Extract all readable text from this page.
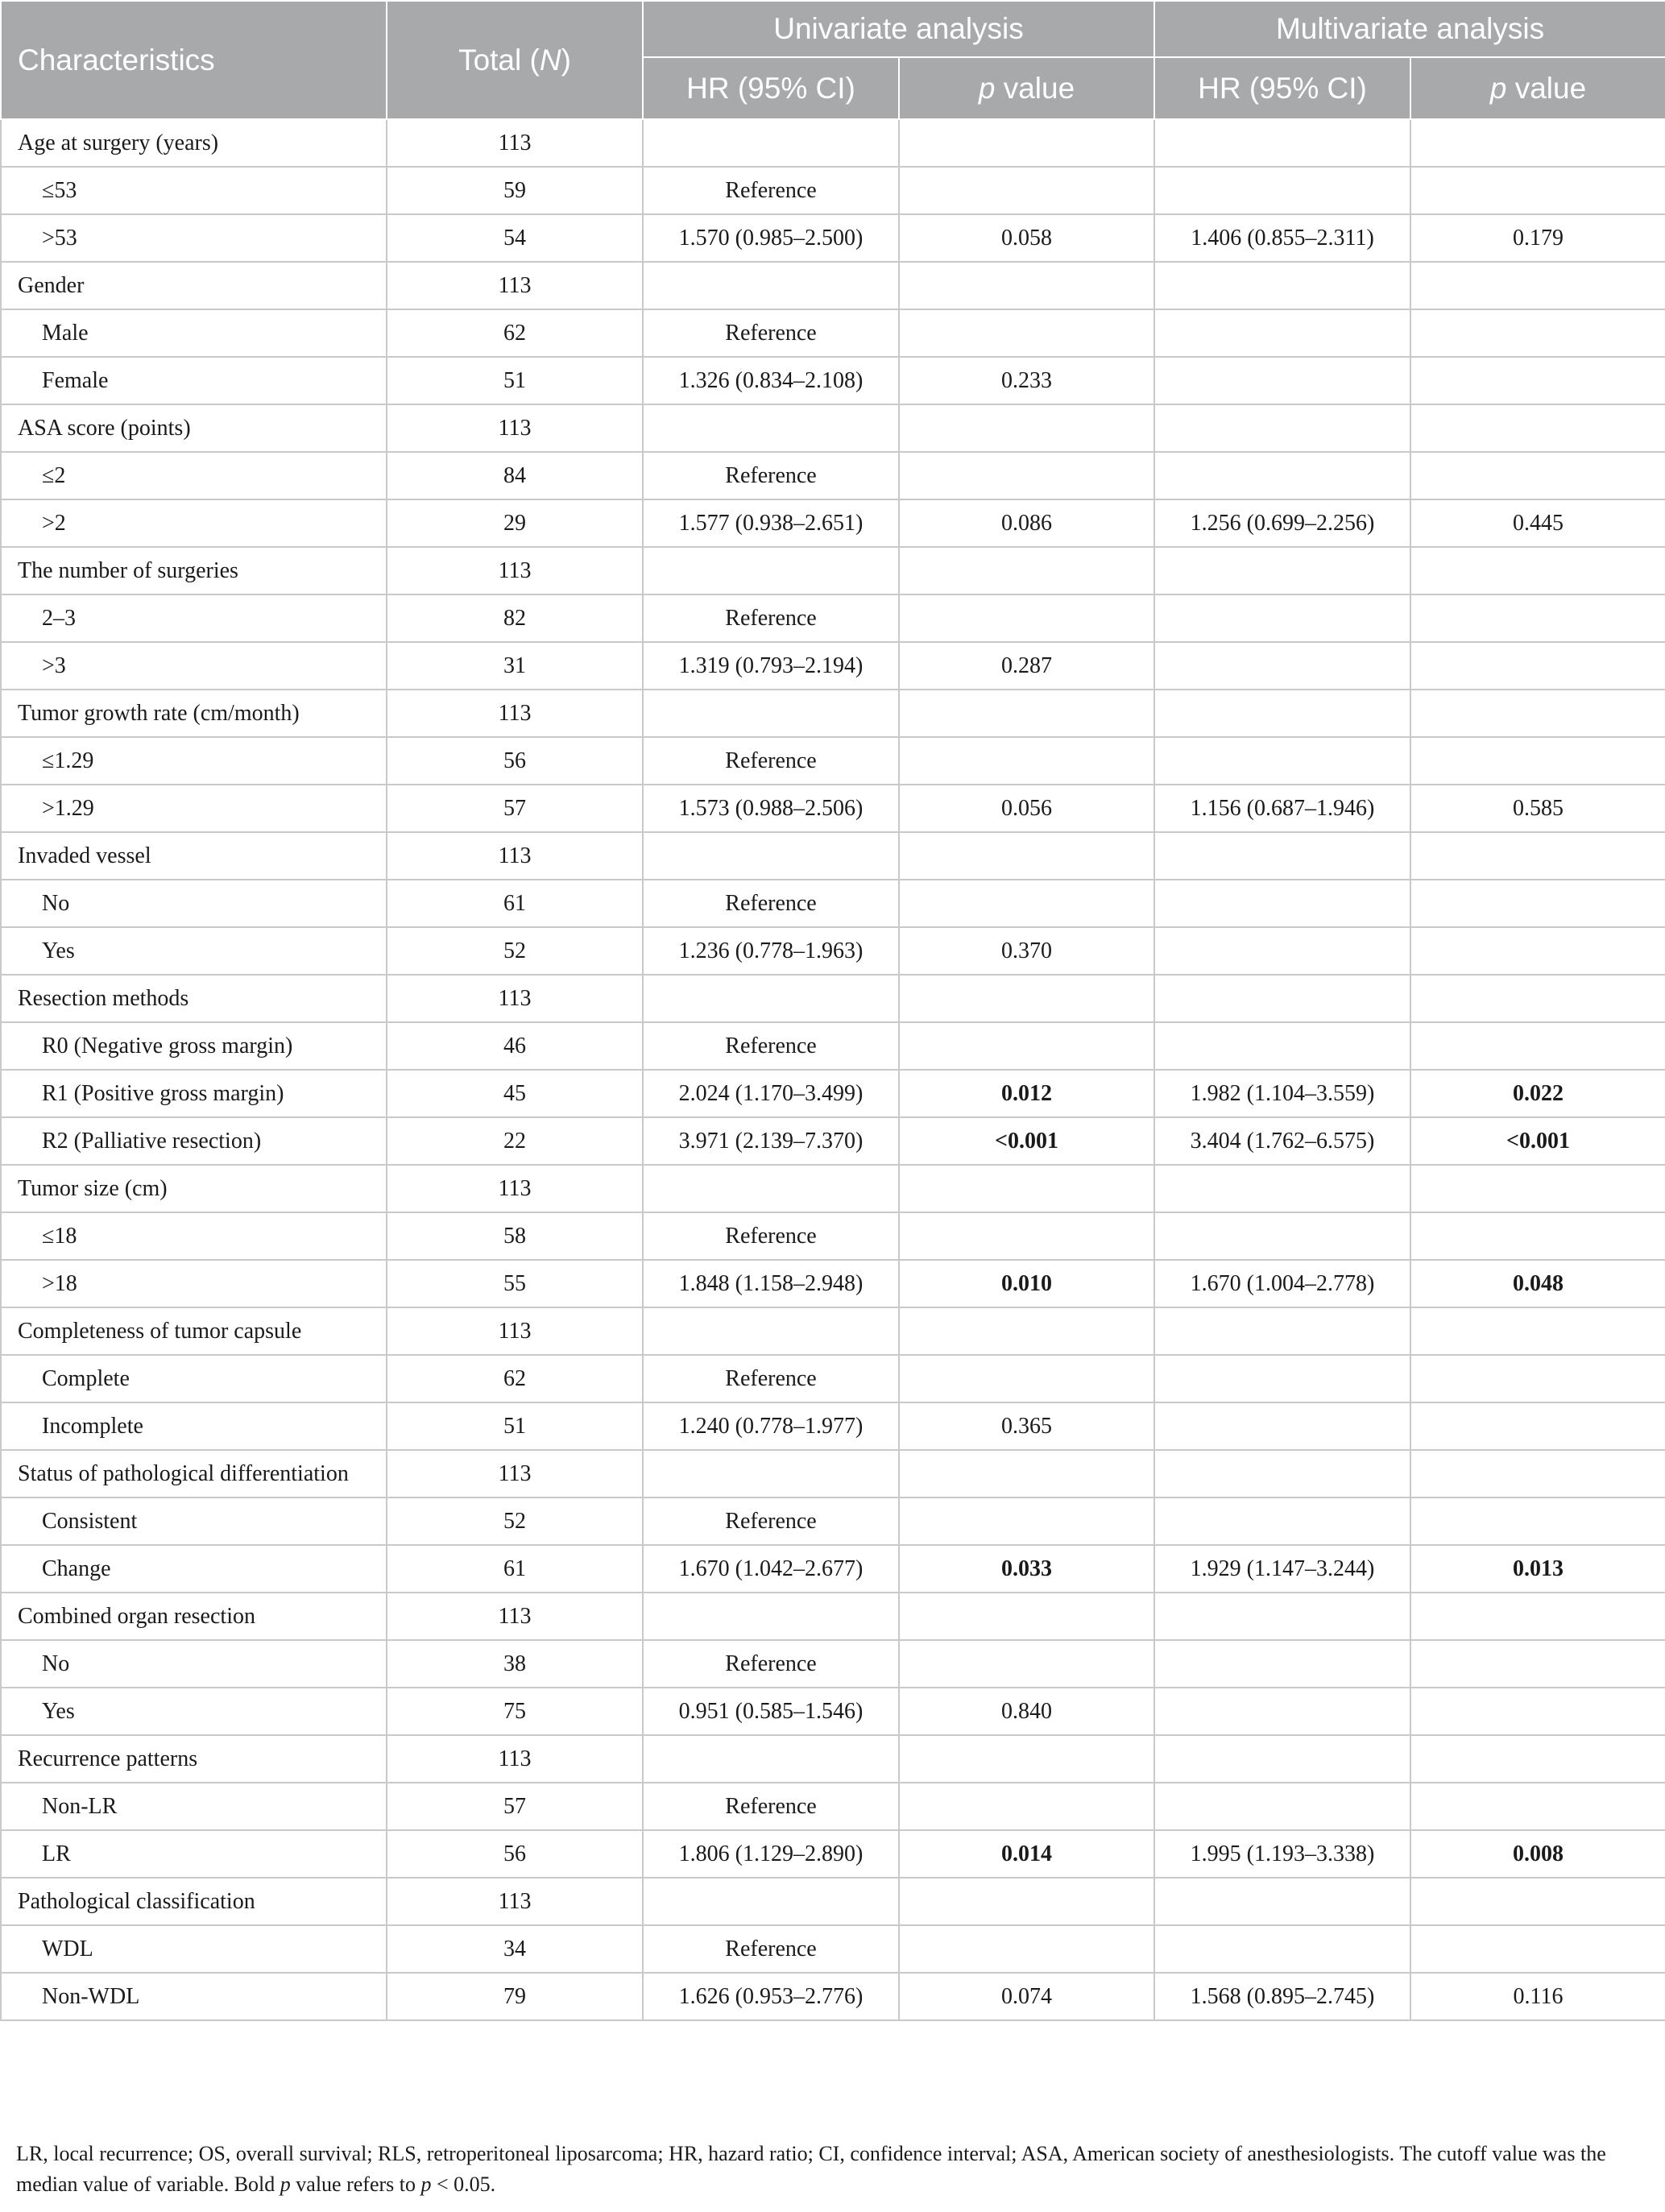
Characteristics	Total (N)	Univariate analysis		Multivariate analysis	
		HR (95% CI)	p value	HR (95% CI)	p value
Age at surgery (years)	113				
≤53	59	Reference			
>53	54	1.570 (0.985–2.500)	0.058	1.406 (0.855–2.311)	0.179
Gender	113				
Male	62	Reference			
Female	51	1.326 (0.834–2.108)	0.233		
ASA score (points)	113				
≤2	84	Reference			
>2	29	1.577 (0.938–2.651)	0.086	1.256 (0.699–2.256)	0.445
The number of surgeries	113				
2–3	82	Reference			
>3	31	1.319 (0.793–2.194)	0.287		
Tumor growth rate (cm/month)	113				
≤1.29	56	Reference			
>1.29	57	1.573 (0.988–2.506)	0.056	1.156 (0.687–1.946)	0.585
Invaded vessel	113				
No	61	Reference			
Yes	52	1.236 (0.778–1.963)	0.370		
Resection methods	113				
R0 (Negative gross margin)	46	Reference			
R1 (Positive gross margin)	45	2.024 (1.170–3.499)	0.012	1.982 (1.104–3.559)	0.022
R2 (Palliative resection)	22	3.971 (2.139–7.370)	<0.001	3.404 (1.762–6.575)	<0.001
Tumor size (cm)	113				
≤18	58	Reference			
>18	55	1.848 (1.158–2.948)	0.010	1.670 (1.004–2.778)	0.048
Completeness of tumor capsule	113				
Complete	62	Reference			
Incomplete	51	1.240 (0.778–1.977)	0.365		
Status of pathological differentiation	113				
Consistent	52	Reference			
Change	61	1.670 (1.042–2.677)	0.033	1.929 (1.147–3.244)	0.013
Combined organ resection	113				
No	38	Reference			
Yes	75	0.951 (0.585–1.546)	0.840		
Recurrence patterns	113				
Non-LR	57	Reference			
LR	56	1.806 (1.129–2.890)	0.014	1.995 (1.193–3.338)	0.008
Pathological classification	113				
WDL	34	Reference			
Non-WDL	79	1.626 (0.953–2.776)	0.074	1.568 (0.895–2.745)	0.116
LR, local recurrence; OS, overall survival; RLS, retroperitoneal liposarcoma; HR, hazard ratio; CI, confidence interval; ASA, American society of anesthesiologists. The cutoff value was the median value of variable. Bold p value refers to p < 0.05.
